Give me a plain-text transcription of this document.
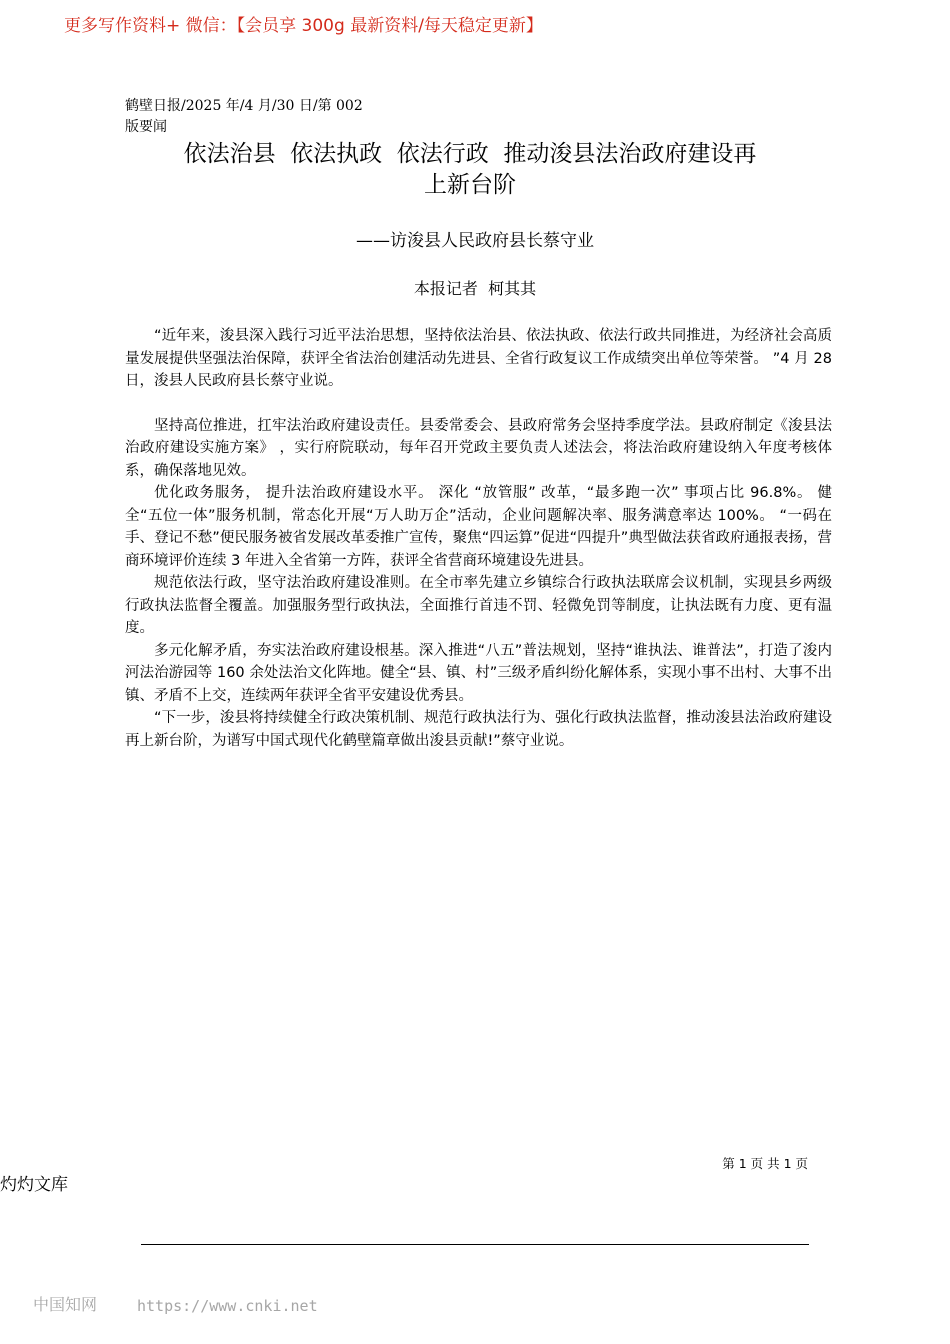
更多写作资料+ 微信：【会员享 300g 最新资料/每天稳定更新】
鹤壁日报/2025 年/4 月/30 日/第 002
版要闻
依法治县  依法执政  依法行政  推动浚县法治政府建设再
上新台阶
——访浚县人民政府县长蔡守业
本报记者  柯其其

“近年来，浚县深入践行习近平法治思想，坚持依法治县、依法执政、依法行政共同推进，为经济社会高质量发展提供坚强法治保障，获评全省法治创建活动先进县、全省行政复议工作成绩突出单位等荣誉。 ”4 月 28 日，浚县人民政府县长蔡守业说。

坚持高位推进，扛牢法治政府建设责任。县委常委会、县政府常务会坚持季度学法。县政府制定《浚县法治政府建设实施方案》 ，实行府院联动，每年召开党政主要负责人述法会，将法治政府建设纳入年度考核体系，确保落地见效。

优化政务服务， 提升法治政府建设水平。 深化 “放管服” 改革，“最多跑一次” 事项占比 96.8%。 健全“五位一体”服务机制，常态化开展“万人助万企”活动，企业问题解决率、服务满意率达 100%。 “一码在手、登记不愁”便民服务被省发展改革委推广宣传，聚焦“四运算”促进“四提升”典型做法获省政府通报表扬，营商环境评价连续 3 年进入全省第一方阵，获评全省营商环境建设先进县。

规范依法行政，坚守法治政府建设准则。在全市率先建立乡镇综合行政执法联席会议机制，实现县乡两级行政执法监督全覆盖。加强服务型行政执法，全面推行首违不罚、轻微免罚等制度，让执法既有力度、更有温度。

多元化解矛盾，夯实法治政府建设根基。深入推进“八五”普法规划，坚持“谁执法、谁普法”，打造了浚内河法治游园等 160 余处法治文化阵地。健全“县、镇、村”三级矛盾纠纷化解体系，实现小事不出村、大事不出镇、矛盾不上交，连续两年获评全省平安建设优秀县。

“下一步，浚县将持续健全行政决策机制、规范行政执法行为、强化行政执法监督，推动浚县法治政府建设再上新台阶，为谱写中国式现代化鹤壁篇章做出浚县贡献!”蔡守业说。

第 1 页 共 1 页
灼灼文库
中国知网	https://www.cnki.net
